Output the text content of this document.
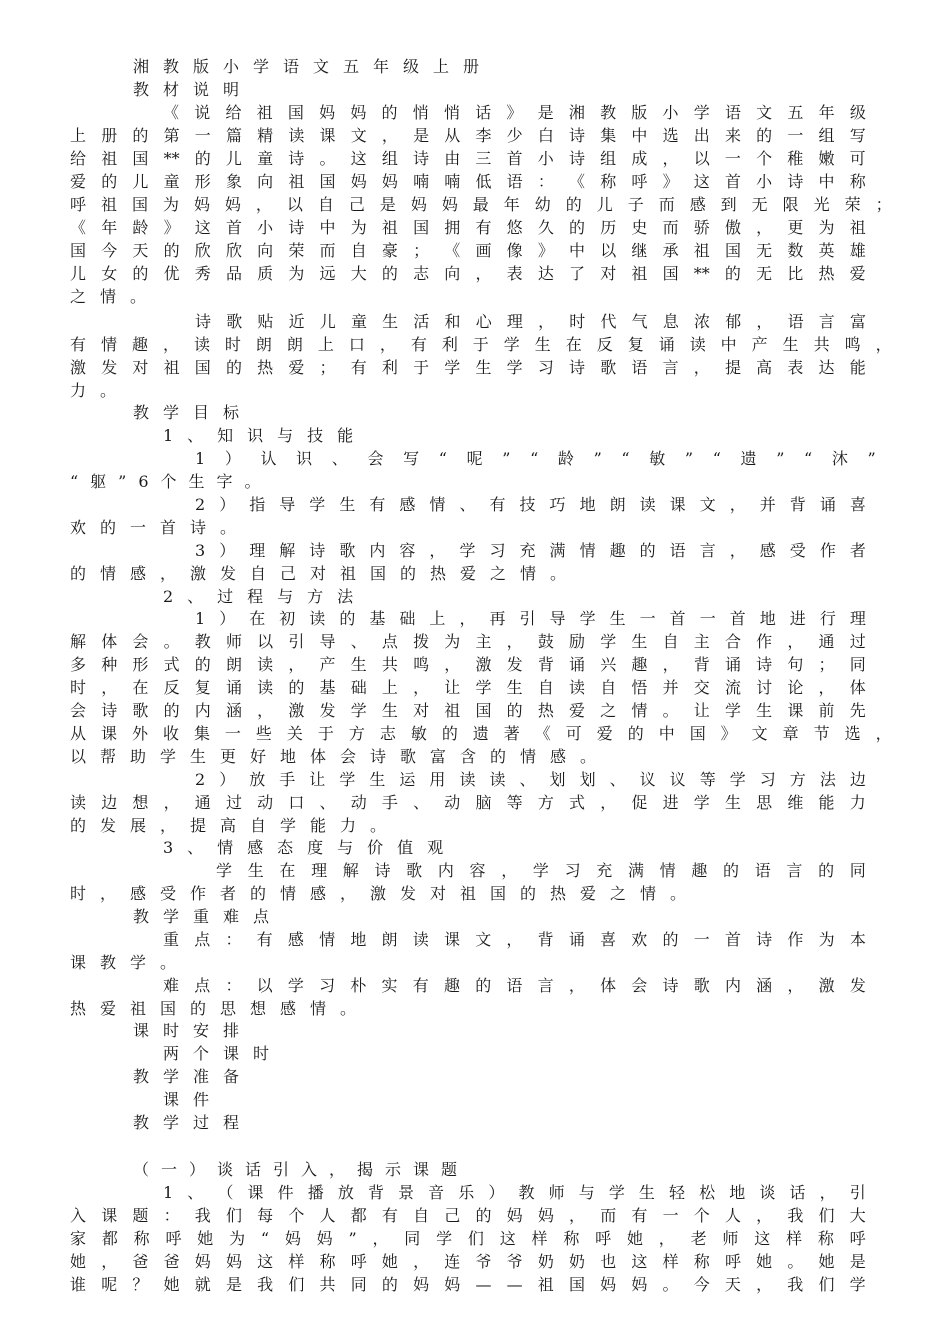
湘教版小学语文五年级上册
教材说明
《 说 给 祖 国 妈 妈 的 悄 悄 话 》 是 湘 教 版 小 学 语 文 五 年 级
上 册 的 第 一 篇 精 读 课 文 ， 是 从 李 少 白 诗 集 中 选 出 来 的 一 组 写
给 祖 国 ** 的 儿 童 诗 。 这 组 诗 由 三 首 小 诗 组 成 ， 以 一 个 稚 嫩 可
爱 的 儿 童 形 象 向 祖 国 妈 妈 喃 喃 低 语 ： 《 称 呼 》 这 首 小 诗 中 称
呼 祖 国 为 妈 妈 ， 以 自 己 是 妈 妈 最 年 幼 的 儿 子 而 感 到 无 限 光 荣 ；
《 年 龄 》 这 首 小 诗 中 为 祖 国 拥 有 悠 久 的 历 史 而 骄 傲 ， 更 为 祖
国 今 天 的 欣 欣 向 荣 而 自 豪 ； 《 画 像 》 中 以 继 承 祖 国 无 数 英 雄
儿 女 的 优 秀 品 质 为 远 大 的 志 向 ， 表 达 了 对 祖 国 ** 的 无 比 热 爱
之情。
诗 歌 贴 近 儿 童 生 活 和 心 理 ， 时 代 气 息 浓 郁 ， 语 言 富
有 情 趣 ， 读 时 朗 朗 上 口 ， 有 利 于 学 生 在 反 复 诵 读 中 产 生 共 鸣 ，
激 发 对 祖 国 的 热 爱 ； 有 利 于 学 生 学 习 诗 歌 语 言 ， 提 高 表 达 能
力。
教学目标
1、知识与技能
1 ） 认 识 、 会 写 “ 呢 ” “ 龄 ” “ 敏 ” “ 遗 ” “ 沐 ”
“躯”6个生字。
2 ） 指 导 学 生 有 感 情 、 有 技 巧 地 朗 读 课 文 ， 并 背 诵 喜
欢的一首诗。
3 ） 理 解 诗 歌 内 容 ， 学 习 充 满 情 趣 的 语 言 ， 感 受 作 者
的情感，激发自己对祖国的热爱之情。
2、过程与方法
1 ） 在 初 读 的 基 础 上 ， 再 引 导 学 生 一 首 一 首 地 进 行 理
解 体 会 。 教 师 以 引 导 、 点 拨 为 主 ， 鼓 励 学 生 自 主 合 作 ， 通 过
多 种 形 式 的 朗 读 ， 产 生 共 鸣 ， 激 发 背 诵 兴 趣 ， 背 诵 诗 句 ； 同
时 ， 在 反 复 诵 读 的 基 础 上 ， 让 学 生 自 读 自 悟 并 交 流 讨 论 ， 体
会 诗 歌 的 内 涵 ， 激 发 学 生 对 祖 国 的 热 爱 之 情 。 让 学 生 课 前 先
从 课 外 收 集 一 些 关 于 方 志 敏 的 遗 著 《 可 爱 的 中 国 》 文 章 节 选 ，
以帮助学生更好地体会诗歌富含的情感。
2 ） 放 手 让 学 生 运 用 读 读 、 划 划 、 议 议 等 学 习 方 法 边
读 边 想 ， 通 过 动 口 、 动 手 、 动 脑 等 方 式 ， 促 进 学 生 思 维 能 力
的发展，提高自学能力。
3、情感态度与价值观
学 生 在 理 解 诗 歌 内 容 ， 学 习 充 满 情 趣 的 语 言 的 同
时，感受作者的情感，激发对祖国的热爱之情。
教学重难点
重 点 ： 有 感 情 地 朗 读 课 文 ， 背 诵 喜 欢 的 一 首 诗 作 为 本
课教学。
难 点 ： 以 学 习 朴 实 有 趣 的 语 言 ， 体 会 诗 歌 内 涵 ， 激 发
热爱祖国的思想感情。
课时安排
两个课时
教学准备
课件
教学过程
（一）谈话引入，揭示课题
1 、 （ 课 件 播 放 背 景 音 乐 ） 教 师 与 学 生 轻 松 地 谈 话 ， 引
入 课 题 ： 我 们 每 个 人 都 有 自 己 的 妈 妈 ， 而 有 一 个 人 ， 我 们 大
家 都 称 呼 她 为 “ 妈 妈 ” ， 同 学 们 这 样 称 呼 她 ， 老 师 这 样 称 呼
她 ， 爸 爸 妈 妈 这 样 称 呼 她 ， 连 爷 爷 奶 奶 也 这 样 称 呼 她 。 她 是
谁 呢 ？ 她 就 是 我 们 共 同 的 妈 妈 — — 祖 国 妈 妈 。 今 天 ， 我 们 学
